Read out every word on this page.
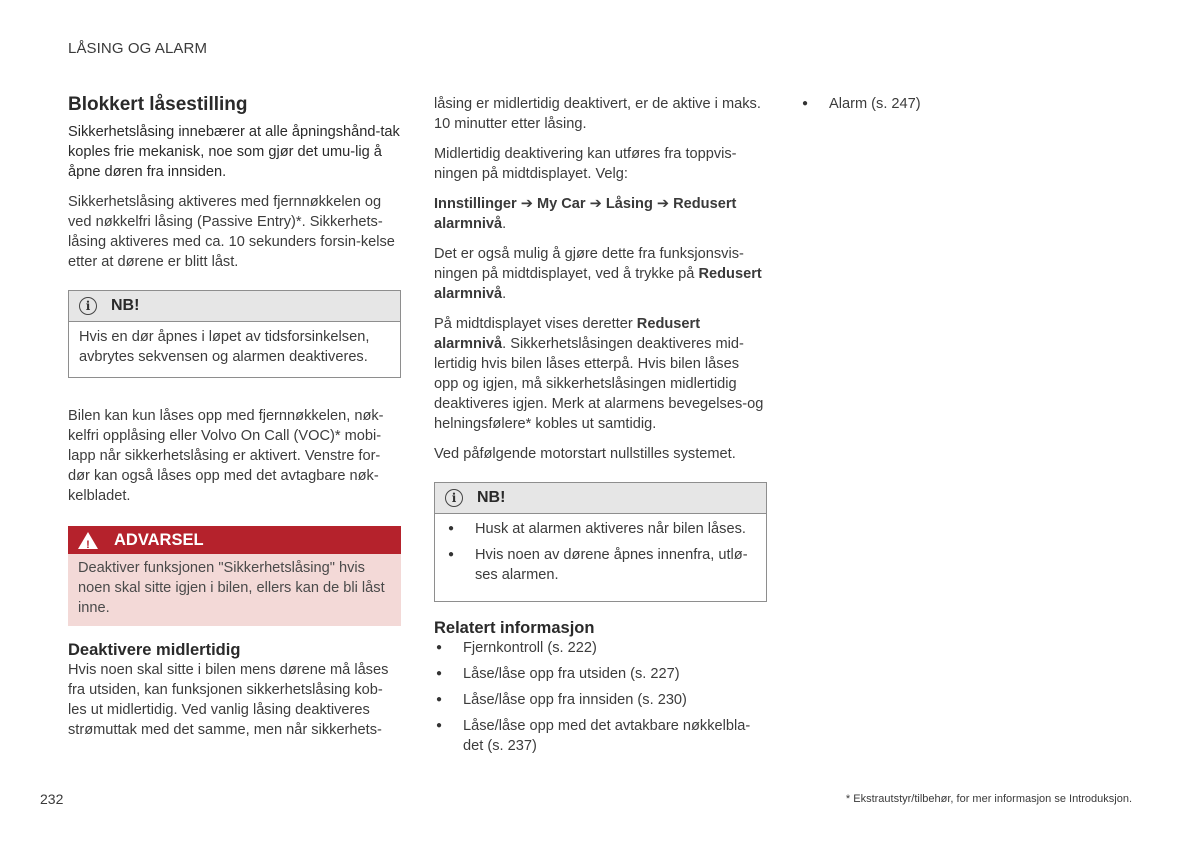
LÅSING OG ALARM
Blokkert låsestilling

Sikkerhetslåsing innebærer at alle åpningshånd-tak koples frie mekanisk, noe som gjør det umu-lig å åpne døren fra innsiden.

Sikkerhetslåsing aktiveres med fjernnøkkelen og ved nøkkelfri låsing (Passive Entry)*. Sikkerhets-låsing aktiveres med ca. 10 sekunders forsin-kelse etter at dørene er blitt låst.

i	NB!
Hvis en dør åpnes i løpet av tidsforsinkelsen, avbrytes sekvensen og alarmen deaktiveres.

Bilen kan kun låses opp med fjernnøkkelen, nøk-kelfri opplåsing eller Volvo On Call (VOC)* mobi-lapp når sikkerhetslåsing er aktivert. Venstre for-dør kan også låses opp med det avtagbare nøk-kelbladet.

! ADVARSEL
Deaktiver funksjonen "Sikkerhetslåsing" hvis noen skal sitte igjen i bilen, ellers kan de bli låst inne.
Deaktivere midlertidig

Hvis noen skal sitte i bilen mens dørene må låses fra utsiden, kan funksjonen sikkerhetslåsing kob-les ut midlertidig. Ved vanlig låsing deaktiveres strømuttak med det samme, men når sikkerhets-

låsing er midlertidig deaktivert, er de aktive i maks. 10 minutter etter låsing.

Midlertidig deaktivering kan utføres fra toppvis-ningen på midtdisplayet. Velg:

Innstillinger ➔ My Car ➔ Låsing ➔ Redusert alarmnivå.

Det er også mulig å gjøre dette fra funksjonsvis-ningen på midtdisplayet, ved å trykke på Redusert alarmnivå.

På midtdisplayet vises deretter Redusert alarmnivå. Sikkerhetslåsingen deaktiveres mid-lertidig hvis bilen låses etterpå. Hvis bilen låses opp og igjen, må sikkerhetslåsingen midlertidig deaktiveres igjen. Merk at alarmens bevegelses-og helningsfølere* kobles ut samtidig.

Ved påfølgende motorstart nullstilles systemet.

i	NB!
● Husk at alarmen aktiveres når bilen låses.
● Hvis noen av dørene åpnes innenfra, utlø-ses alarmen.
Relatert informasjon
● Fjernkontroll (s. 222)
● Låse/låse opp fra utsiden (s. 227)
● Låse/låse opp fra innsiden (s. 230)
● Låse/låse opp med det avtakbare nøkkelbla-det (s. 237)
● Alarm (s. 247)
232	* Ekstrautstyr/tilbehør, for mer informasjon se Introduksjon.
